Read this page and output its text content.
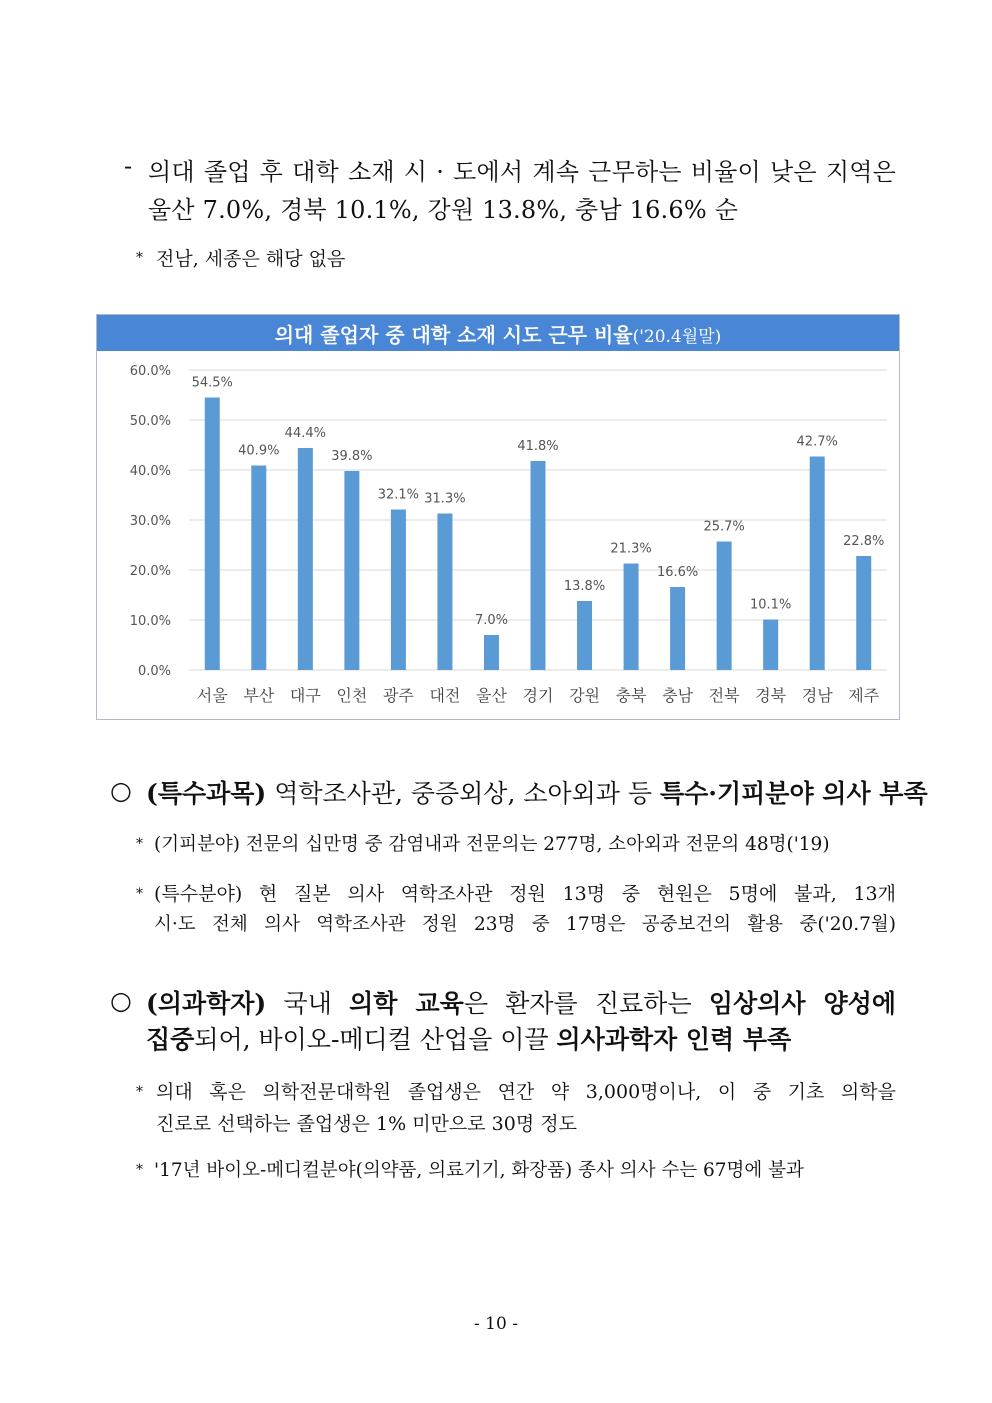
- 의대 졸업 후 대학 소재 시 · 도에서 계속 근무하는 비율이 낮은 지역은
울산 7.0%, 경북 10.1%, 강원 13.8%, 충남 16.6% 순
* 전남, 세종은 해당 없음
의대 졸업자 중 대학 소재 시도 근무 비율('20.4월말)
0.0%
10.0%
20.0%
30.0%
40.0%
50.0%
60.0%
54.5%
서울
40.9%
부산
44.4%
대구
39.8%
인천
32.1%
광주
31.3%
대전
7.0%
울산
41.8%
경기
13.8%
강원
21.3%
충북
16.6%
충남
25.7%
전북
10.1%
경북
42.7%
경남
22.8%
제주
○ (특수과목) 역학조사관, 중증외상, 소아외과 등 특수·기피분야 의사 부족
* (기피분야) 전문의 십만명 중 감염내과 전문의는 277명, 소아외과 전문의 48명('19)
* (특수분야) 현 질본 의사 역학조사관 정원 13명 중 현원은 5명에 불과, 13개
시·도 전체 의사 역학조사관 정원 23명 중 17명은 공중보건의 활용 중('20.7월)
○ (의과학자) 국내 의학 교육은 환자를 진료하는 임상의사 양성에
집중되어, 바이오-메디컬 산업을 이끌 의사과학자 인력 부족
* 의대 혹은 의학전문대학원 졸업생은 연간 약 3,000명이나, 이 중 기초 의학을
진로로 선택하는 졸업생은 1% 미만으로 30명 정도
* '17년 바이오-메디컬분야(의약품, 의료기기, 화장품) 종사 의사 수는 67명에 불과
- 10 -
